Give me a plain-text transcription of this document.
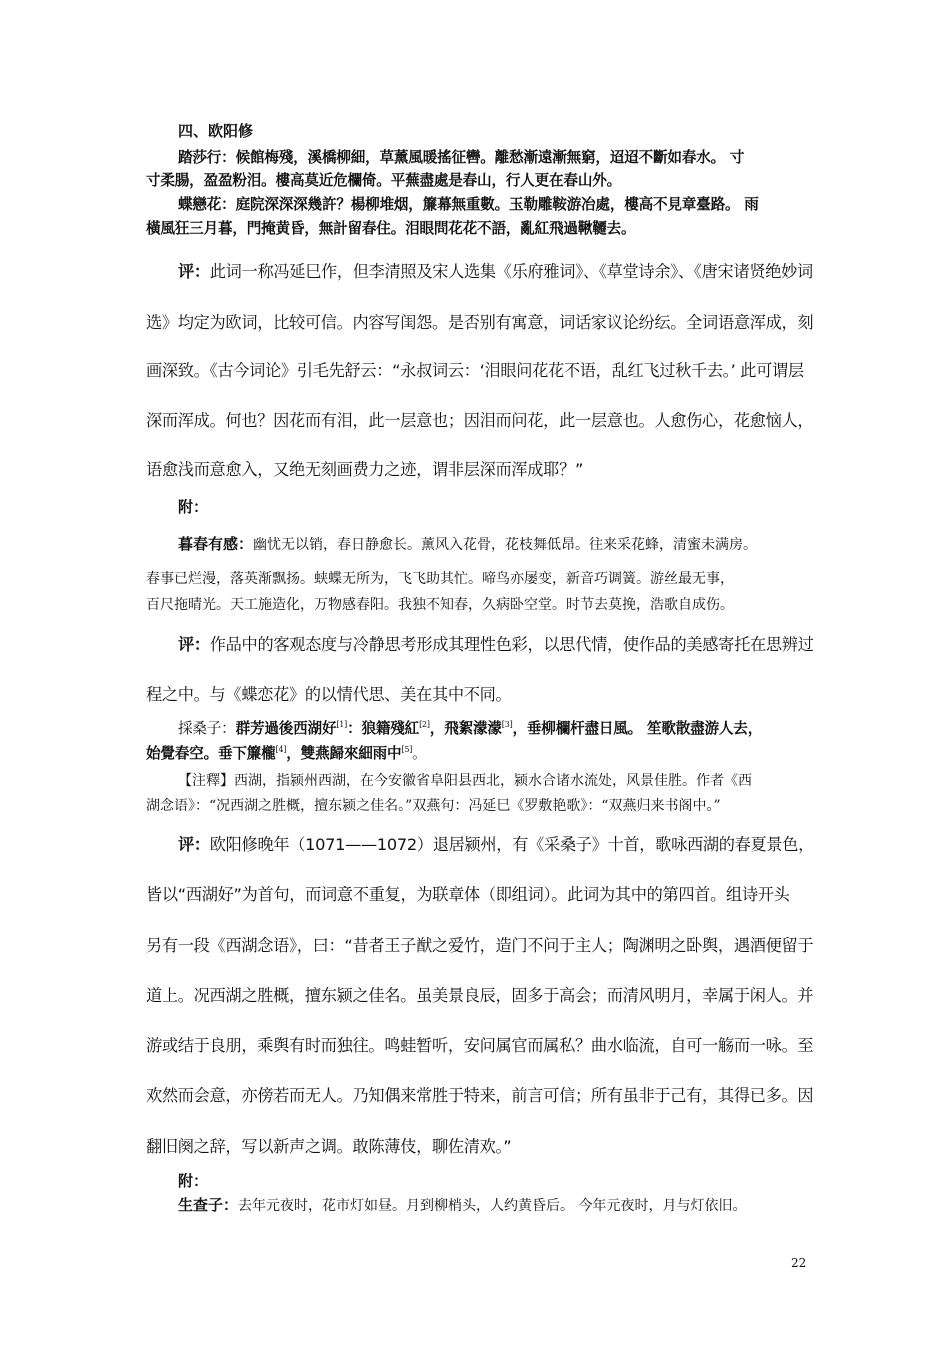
四、欧阳修
踏莎行：候館梅殘，溪橋柳細，草薰風暖搖征轡。離愁漸遠漸無窮，迢迢不斷如春水。 寸
寸柔腸，盈盈粉泪。樓高莫近危欄倚。平蕪盡處是春山，行人更在春山外。
蝶戀花：庭院深深深幾許？楊柳堆烟，簾幕無重數。玉勒雕鞍游冶處，樓高不見章臺路。 雨
橫風狂三月暮，門掩黄昏，無計留春住。泪眼問花花不語，亂紅飛過鞦韆去。
评：此词一称冯延巳作，但李清照及宋人选集《乐府雅词》、《草堂诗余》、《唐宋诸贤绝妙词
选》均定为欧词，比较可信。内容写闺怨。是否别有寓意，词话家议论纷纭。全词语意浑成，刻
画深致。《古今词论》引毛先舒云：“永叔词云：‘泪眼问花花不语，乱红飞过秋千去。’ 此可谓层
深而浑成。何也？因花而有泪，此一层意也；因泪而问花，此一层意也。人愈伤心，花愈恼人，
语愈浅而意愈入，又绝无刻画费力之迹，谓非层深而浑成耶？”
附：
暮春有感：幽忧无以销，春日静愈长。薰风入花骨，花枝舞低昂。往来采花蜂，清蜜未满房。
春事已烂漫，落英渐飘扬。蛱蝶无所为，飞飞助其忙。啼鸟亦屡变，新音巧调簧。游丝最无事，
百尺拖晴光。天工施造化，万物感春阳。我独不知春，久病卧空堂。时节去莫挽，浩歌自成伤。
评：作品中的客观态度与冷静思考形成其理性色彩，以思代情，使作品的美感寄托在思辨过
程之中。与《蝶恋花》的以情代思、美在其中不同。
採桑子：群芳過後西湖好[1]：狼籍殘紅[2]，飛絮濛濛[3]，垂柳欄杆盡日風。 笙歌散盡游人去，
始覺春空。垂下簾櫳[4]，雙燕歸來細雨中[5]。
【注釋】西湖，指颍州西湖，在今安徽省阜阳县西北，颍水合诸水流处，风景佳胜。作者《西
湖念语》：“况西湖之胜概，擅东颍之佳名。”双燕句：冯延巳《罗敷艳歌》：“双燕归来书阁中。”
评：欧阳修晚年（1071——1072）退居颍州，有《采桑子》十首，歌咏西湖的春夏景色，
皆以“西湖好”为首句，而词意不重复，为联章体（即组词）。此词为其中的第四首。组诗开头
另有一段《西湖念语》，曰：“昔者王子猷之爱竹，造门不问于主人；陶渊明之卧舆，遇酒便留于
道上。况西湖之胜概，擅东颍之佳名。虽美景良辰，固多于高会；而清风明月，幸属于闲人。并
游或结于良朋，乘舆有时而独往。鸣蛙暂听，安问属官而属私？曲水临流，自可一觞而一咏。至
欢然而会意，亦傍若而无人。乃知偶来常胜于特来，前言可信；所有虽非于己有，其得已多。因
翻旧阕之辞，写以新声之调。敢陈薄伎，聊佐清欢。”
附：
生查子：去年元夜时，花市灯如昼。月到柳梢头，人约黄昏后。 今年元夜时，月与灯依旧。
22
